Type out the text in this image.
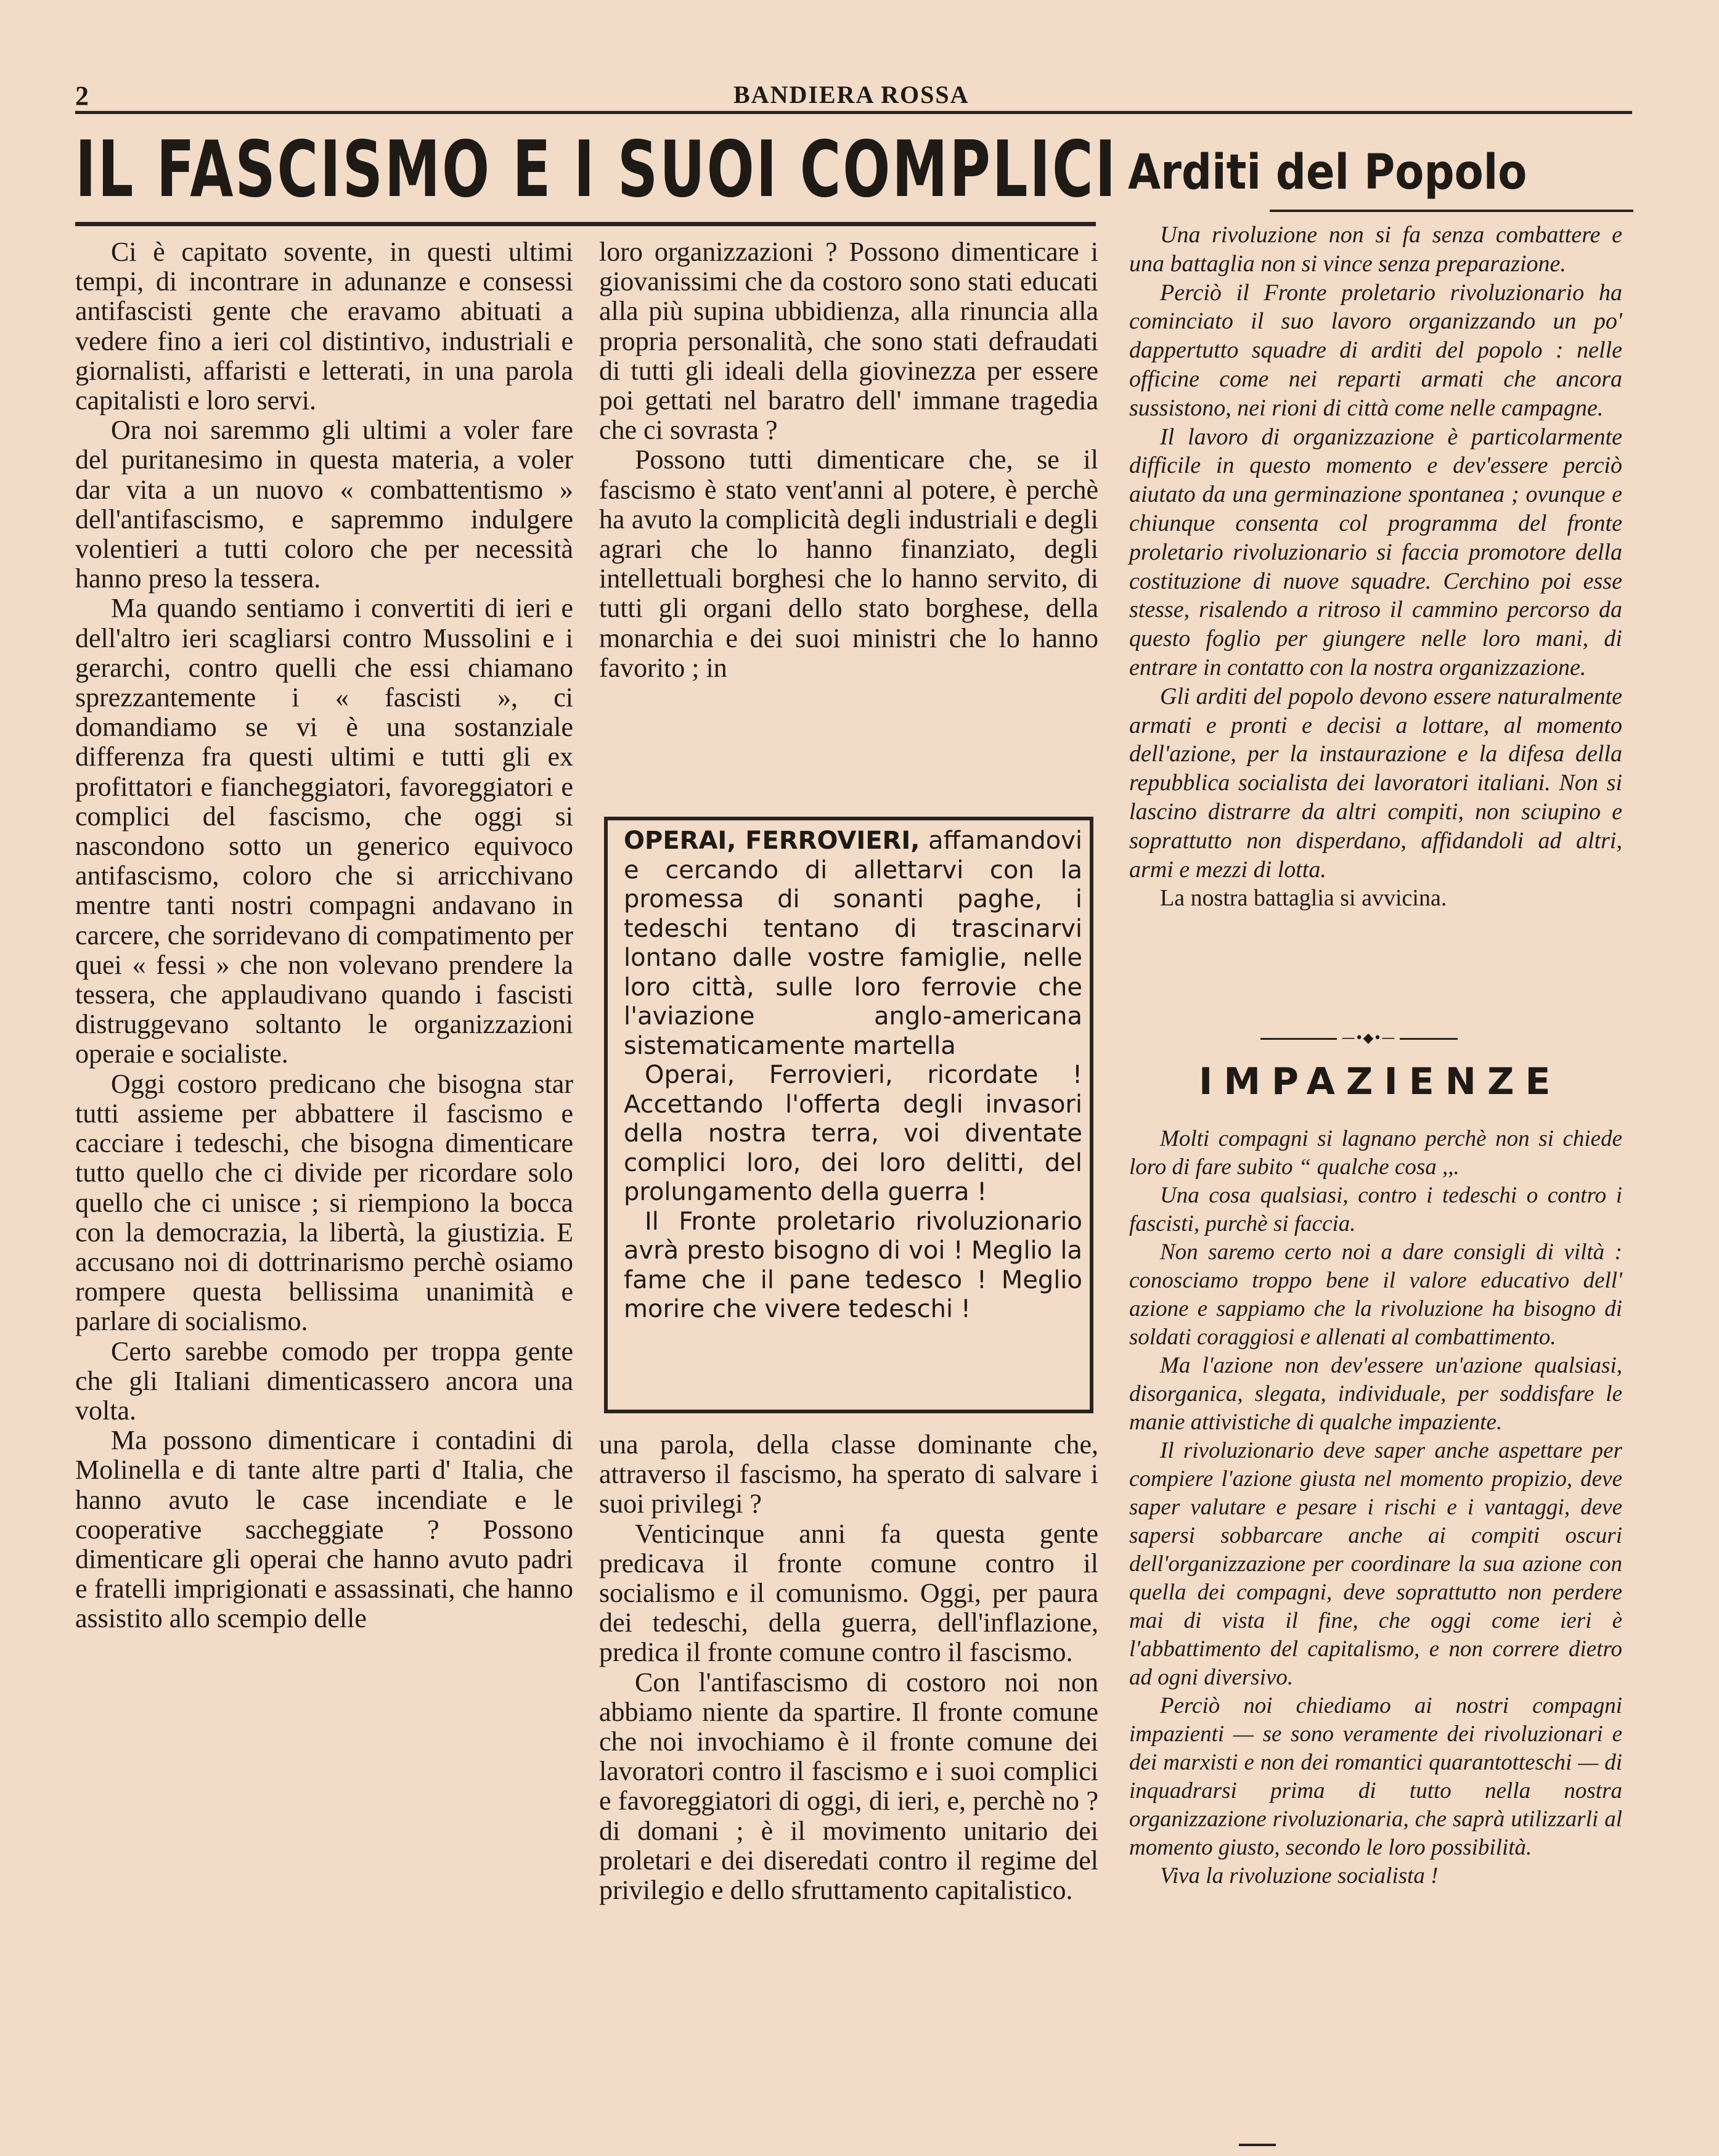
2	BANDIERA ROSSA
IL FASCISMO E I SUOI COMPLICI

Ci è capitato sovente, in questi ultimi tempi, di incontrare in adunanze e consessi antifascisti gente che eravamo abituati a vedere fino a ieri col distintivo, industriali e giornalisti, affaristi e letterati, in una parola capitalisti e loro servi.

Ora noi saremmo gli ultimi a voler fare del puritanesimo in questa materia, a voler dar vita a un nuovo « combattentismo » dell'antifascismo, e sapremmo indulgere volentieri a tutti coloro che per necessità hanno preso la tessera.

Ma quando sentiamo i convertiti di ieri e dell'altro ieri scagliarsi contro Mussolini e i gerarchi, contro quelli che essi chiamano sprezzantemente i « fascisti », ci domandiamo se vi è una sostanziale differenza fra questi ultimi e tutti gli ex profittatori e fiancheggiatori, favoreggiatori e complici del fascismo, che oggi si nascondono sotto un generico equivoco antifascismo, coloro che si arricchivano mentre tanti nostri compagni andavano in carcere, che sorridevano di compatimento per quei « fessi » che non volevano prendere la tessera, che applaudivano quando i fascisti distruggevano soltanto le organizzazioni operaie e socialiste.

Oggi costoro predicano che bisogna star tutti assieme per abbattere il fascismo e cacciare i tedeschi, che bisogna dimenticare tutto quello che ci divide per ricordare solo quello che ci unisce ; si riempiono la bocca con la democrazia, la libertà, la giustizia. E accusano noi di dottrinarismo perchè osiamo rompere questa bellissima unanimità e parlare di socialismo.

Certo sarebbe comodo per troppa gente che gli Italiani dimenticassero ancora una volta.

Ma possono dimenticare i contadini di Molinella e di tante altre parti d' Italia, che hanno avuto le case incendiate e le cooperative saccheggiate ? Possono dimenticare gli operai che hanno avuto padri e fratelli imprigionati e assassinati, che hanno assistito allo scempio delle

loro organizzazioni ? Possono dimenticare i giovanissimi che da costoro sono stati educati alla più supina ubbidienza, alla rinuncia alla propria personalità, che sono stati defraudati di tutti gli ideali della giovinezza per essere poi gettati nel baratro dell' immane tragedia che ci sovrasta ?

Possono tutti dimenticare che, se il fascismo è stato vent'anni al potere, è perchè ha avuto la complicità degli industriali e degli agrari che lo hanno finanziato, degli intellettuali borghesi che lo hanno servito, di tutti gli organi dello stato borghese, della monarchia e dei suoi ministri che lo hanno favorito ; in

OPERAI, FERROVIERI, affamandovi e cercando di allettarvi con la promessa di sonanti paghe, i tedeschi tentano di trascinarvi lontano dalle vostre famiglie, nelle loro città, sulle loro ferrovie che l'aviazione anglo-americana sistematicamente martella

Operai, Ferrovieri, ricordate ! Accettando l'offerta degli invasori della nostra terra, voi diventate complici loro, dei loro delitti, del prolungamento della guerra !

Il Fronte proletario rivoluzionario avrà presto bisogno di voi ! Meglio la fame che il pane tedesco ! Meglio morire che vivere tedeschi !

una parola, della classe dominante che, attraverso il fascismo, ha sperato di salvare i suoi privilegi ?

Venticinque anni fa questa gente predicava il fronte comune contro il socialismo e il comunismo. Oggi, per paura dei tedeschi, della guerra, dell'inflazione, predica il fronte comune contro il fascismo.

Con l'antifascismo di costoro noi non abbiamo niente da spartire. Il fronte comune che noi invochiamo è il fronte comune dei lavoratori contro il fascismo e i suoi complici e favoreggiatori di oggi, di ieri, e, perchè no ? di domani ; è il movimento unitario dei proletari e dei diseredati contro il regime del privilegio e dello sfruttamento capitalistico.

Arditi del Popolo

Una rivoluzione non si fa senza combattere e una battaglia non si vince senza preparazione.

Perciò il Fronte proletario rivoluzionario ha cominciato il suo lavoro organizzando un po' dappertutto squadre di arditi del popolo : nelle officine come nei reparti armati che ancora sussistono, nei rioni di città come nelle campagne.

Il lavoro di organizzazione è particolarmente difficile in questo momento e dev'essere perciò aiutato da una germinazione spontanea ; ovunque e chiunque consenta col programma del fronte proletario rivoluzionario si faccia promotore della costituzione di nuove squadre. Cerchino poi esse stesse, risalendo a ritroso il cammino percorso da questo foglio per giungere nelle loro mani, di entrare in contatto con la nostra organizzazione.

Gli arditi del popolo devono essere naturalmente armati e pronti e decisi a lottare, al momento dell'azione, per la instaurazione e la difesa della repubblica socialista dei lavoratori italiani. Non si lascino distrarre da altri compiti, non sciupino e soprattutto non disperdano, affidandoli ad altri, armi e mezzi di lotta.

La nostra battaglia si avvicina.

—•◆•—
IMPAZIENZE

Molti compagni si lagnano perchè non si chiede loro di fare subito “ qualche cosa ,,.

Una cosa qualsiasi, contro i tedeschi o contro i fascisti, purchè si faccia.

Non saremo certo noi a dare consigli di viltà : conosciamo troppo bene il valore educativo dell' azione e sappiamo che la rivoluzione ha bisogno di soldati coraggiosi e allenati al combattimento.

Ma l'azione non dev'essere un'azione qualsiasi, disorganica, slegata, individuale, per soddisfare le manie attivistiche di qualche impaziente.

Il rivoluzionario deve saper anche aspettare per compiere l'azione giusta nel momento propizio, deve saper valutare e pesare i rischi e i vantaggi, deve sapersi sobbarcare anche ai compiti oscuri dell'organizzazione per coordinare la sua azione con quella dei compagni, deve soprattutto non perdere mai di vista il fine, che oggi come ieri è l'abbattimento del capitalismo, e non correre dietro ad ogni diversivo.

Perciò noi chiediamo ai nostri compagni impazienti — se sono veramente dei rivoluzionari e dei marxisti e non dei romantici quarantotteschi — di inquadrarsi prima di tutto nella nostra organizzazione rivoluzionaria, che saprà utilizzarli al momento giusto, secondo le loro possibilità.

Viva la rivoluzione socialista !
